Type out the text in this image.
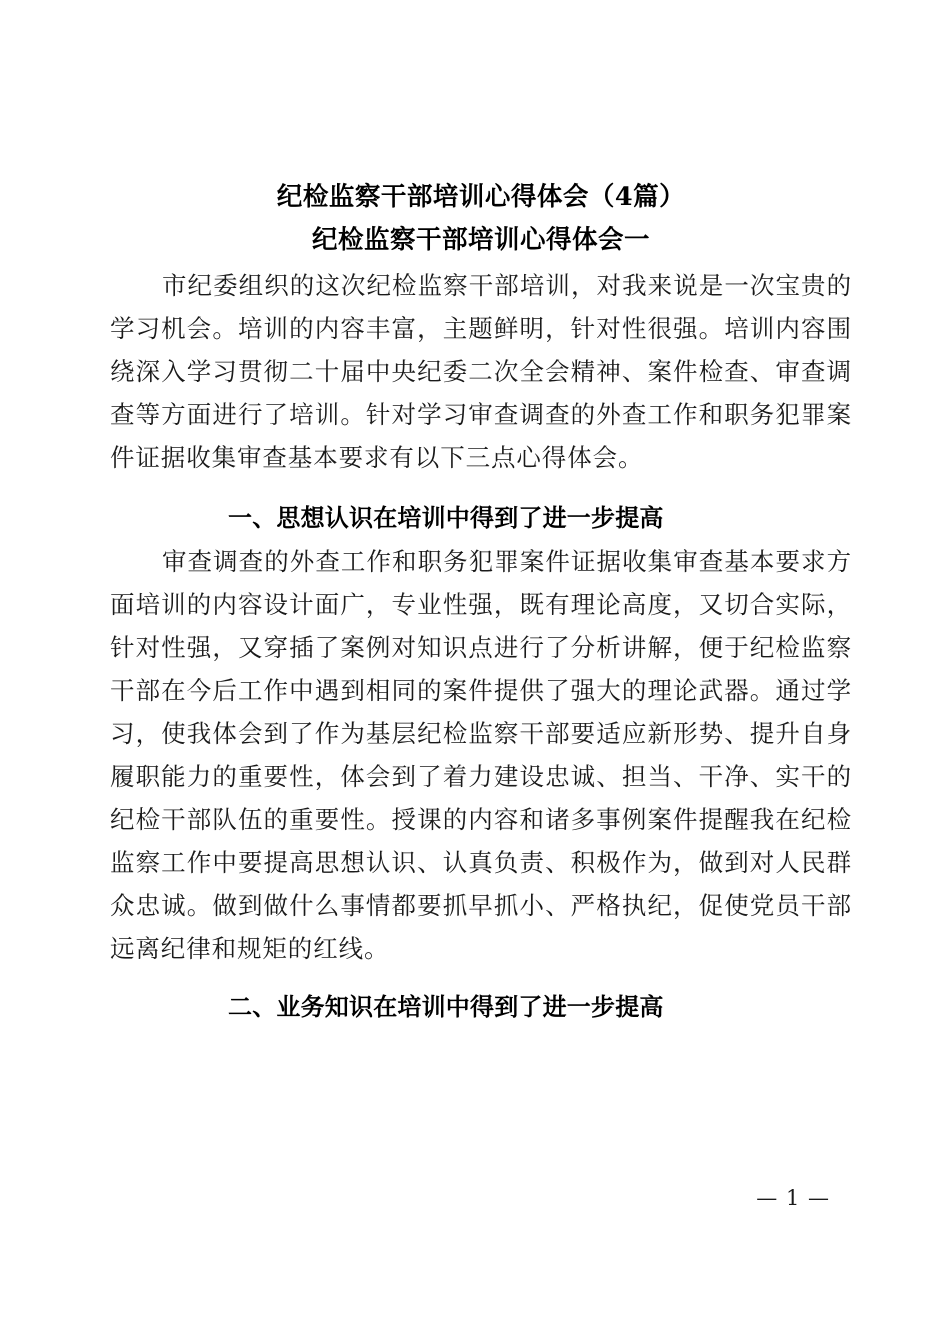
纪检监察干部培训心得体会（4篇）
纪检监察干部培训心得体会一

市纪委组织的这次纪检监察干部培训，对我来说是一次宝贵的学习机会。培训的内容丰富，主题鲜明，针对性很强。培训内容围绕深入学习贯彻二十届中央纪委二次全会精神、案件检查、审查调查等方面进行了培训。针对学习审查调查的外查工作和职务犯罪案件证据收集审查基本要求有以下三点心得体会。

一、思想认识在培训中得到了进一步提高

审查调查的外查工作和职务犯罪案件证据收集审查基本要求方面培训的内容设计面广，专业性强，既有理论高度，又切合实际，针对性强，又穿插了案例对知识点进行了分析讲解，便于纪检监察干部在今后工作中遇到相同的案件提供了强大的理论武器。通过学习，使我体会到了作为基层纪检监察干部要适应新形势、提升自身履职能力的重要性，体会到了着力建设忠诚、担当、干净、实干的纪检干部队伍的重要性。授课的内容和诸多事例案件提醒我在纪检监察工作中要提高思想认识、认真负责、积极作为，做到对人民群众忠诚。做到做什么事情都要抓早抓小、严格执纪，促使党员干部远离纪律和规矩的红线。

二、业务知识在培训中得到了进一步提高
— 1 —
